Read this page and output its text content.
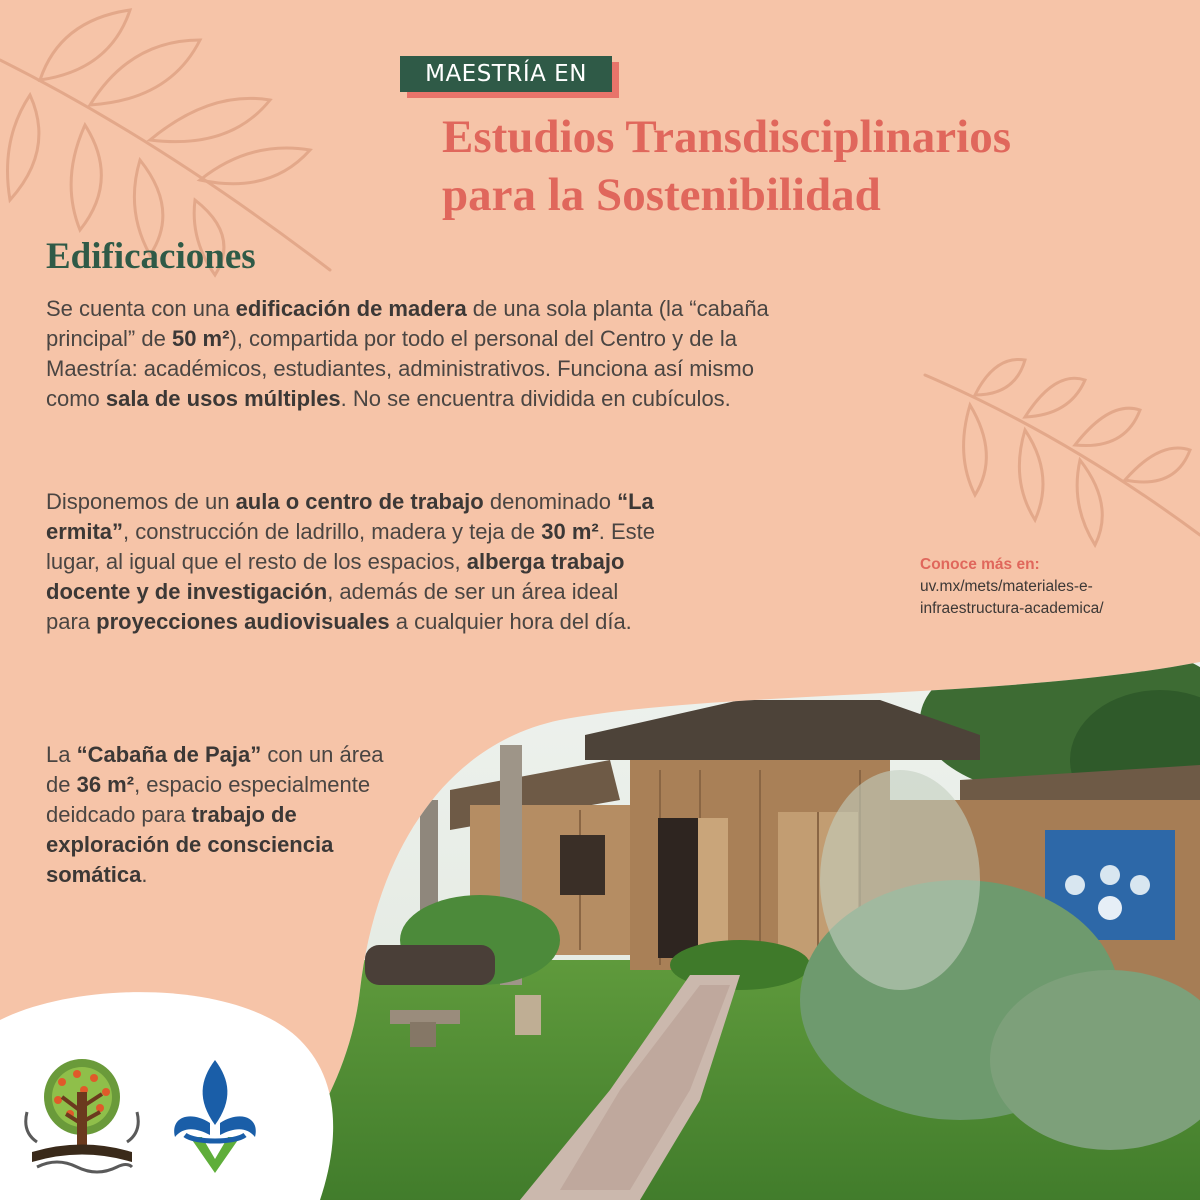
MAESTRÍA EN
Estudios Transdisciplinarios
para la Sostenibilidad
Edificaciones

Se cuenta con una edificación de madera de una sola planta (la “cabaña principal” de 50 m²), compartida por todo el personal del Centro y de la Maestría: académicos, estudiantes, administrativos. Funciona así mismo como sala de usos múltiples. No se encuentra dividida en cubículos.

Disponemos de un aula o centro de trabajo denominado “La ermita”, construcción de ladrillo, madera y teja de 30 m². Este lugar, al igual que el resto de los espacios, alberga trabajo docente y de investigación, además de ser un área ideal para proyecciones audiovisuales a cualquier hora del día.

La “Cabaña de Paja” con un área de 36 m², espacio especialmente deidcado para trabajo de exploración de consciencia somática.

Conoce más en:
uv.mx/mets/materiales-e-infraestructura-academica/
